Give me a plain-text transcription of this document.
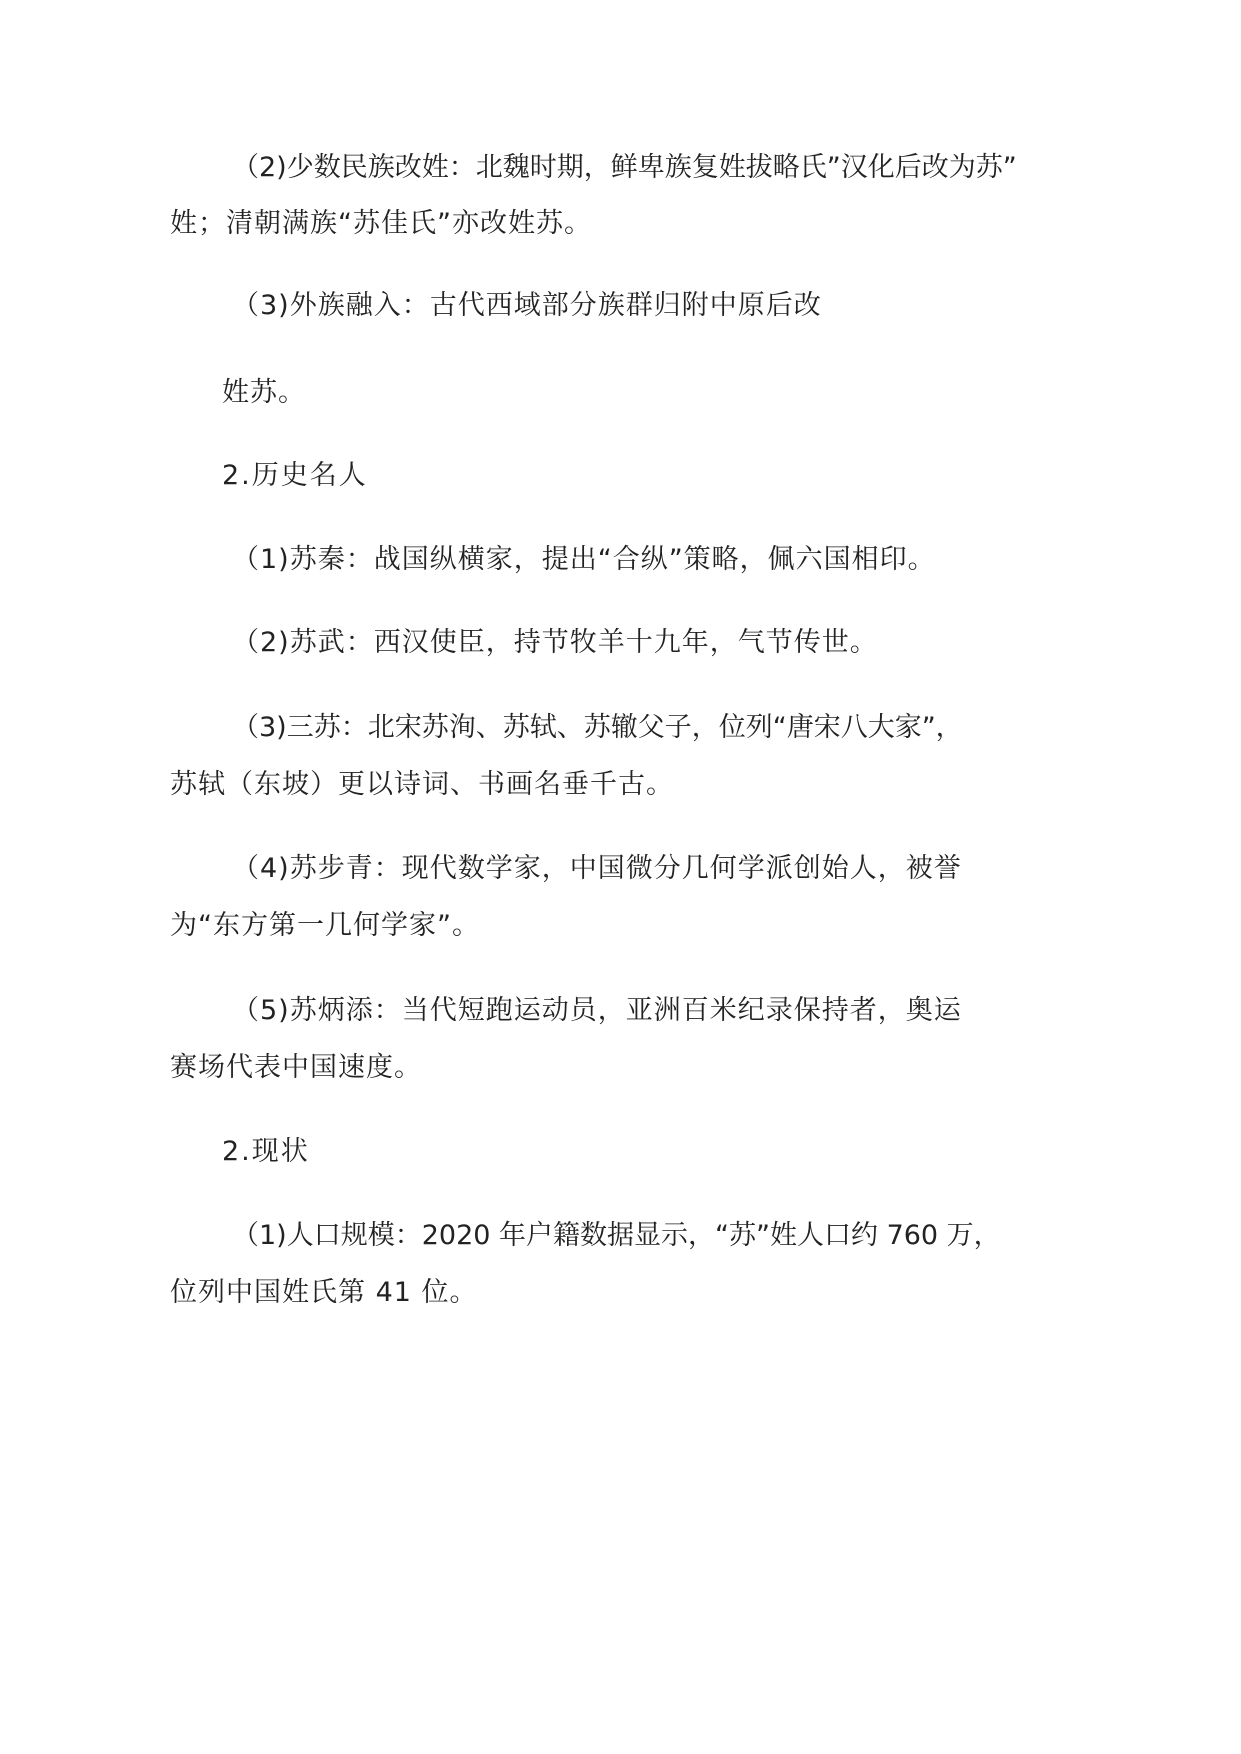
（2)少数民族改姓：北魏时期，鲜卑族复姓拔略氏”汉化后改为苏”
姓；清朝满族“苏佳氏”亦改姓苏。
（3)外族融入：古代西域部分族群归附中原后改
姓苏。
2.历史名人
（1)苏秦：战国纵横家，提出“合纵”策略，佩六国相印。
（2)苏武：西汉使臣，持节牧羊十九年，气节传世。
（3)三苏：北宋苏洵、苏轼、苏辙父子，位列“唐宋八大家”，
苏轼（东坡）更以诗词、书画名垂千古。
（4)苏步青：现代数学家，中国微分几何学派创始人，被誉
为“东方第一几何学家”。
（5)苏炳添：当代短跑运动员，亚洲百米纪录保持者，奥运
赛场代表中国速度。
2.现状
（1)人口规模：2020 年户籍数据显示，“苏”姓人口约 760 万，
位列中国姓氏第 41 位。
